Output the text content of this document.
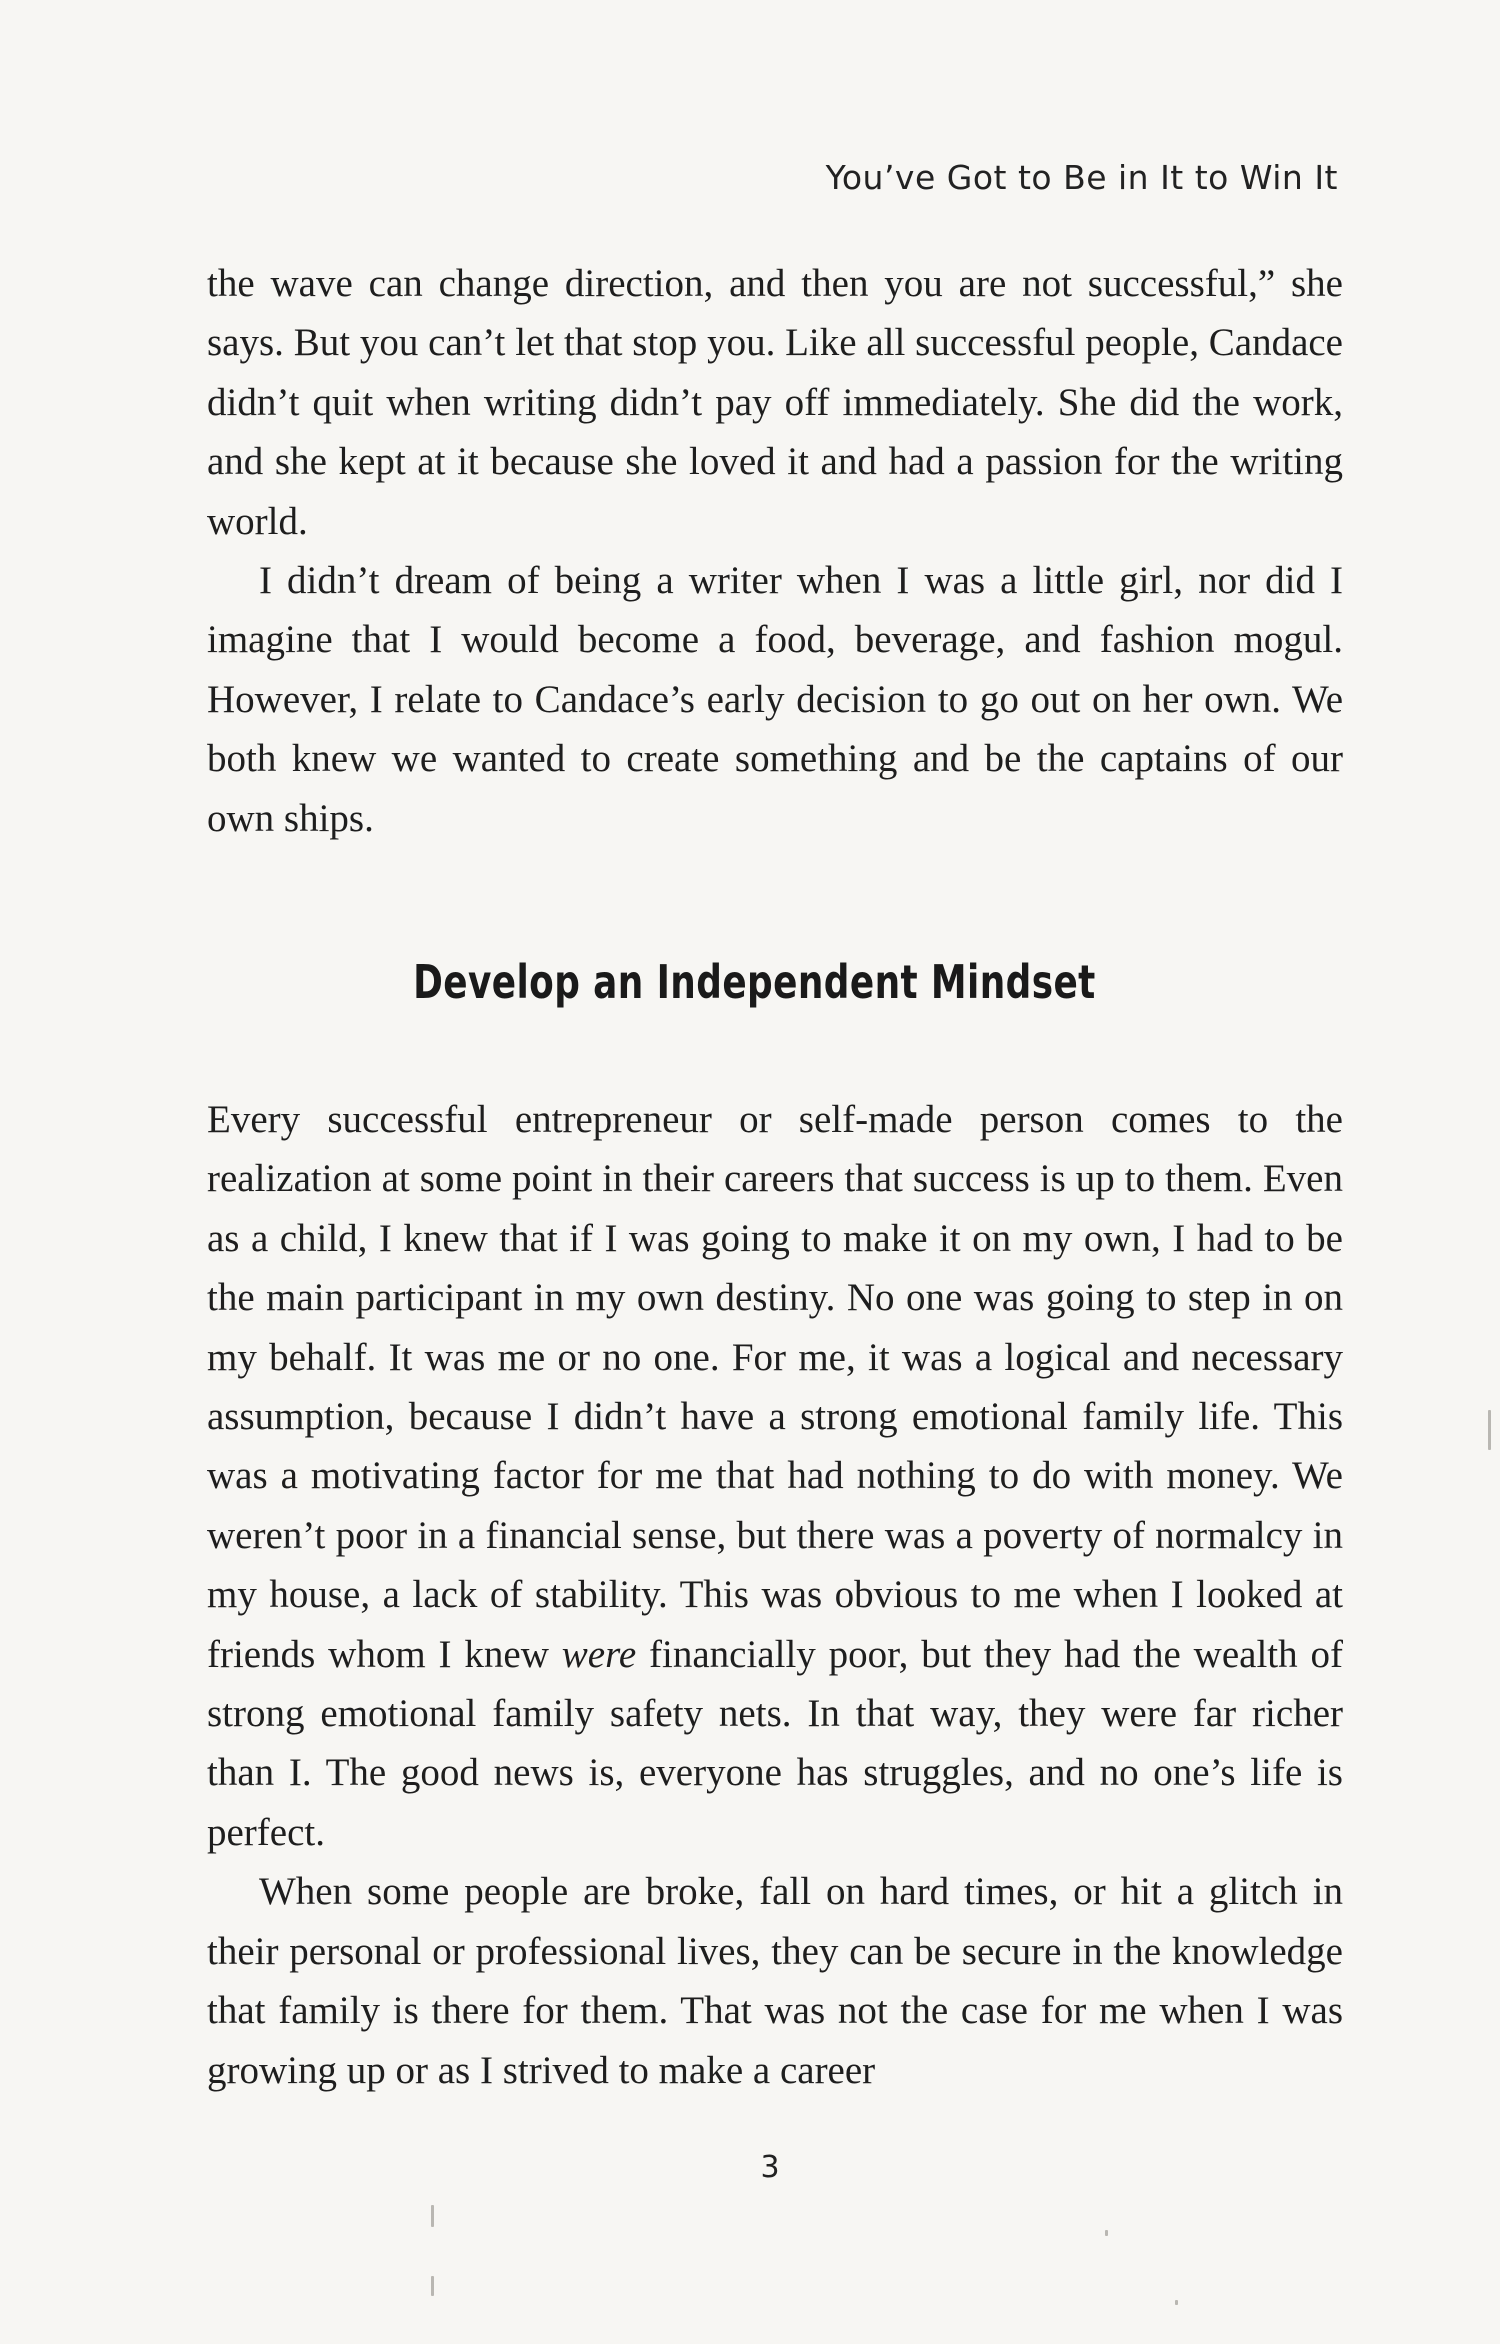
You’ve Got to Be in It to Win It

the wave can change direction, and then you are not successful,” she says. But you can’t let that stop you. Like all successful people, Candace didn’t quit when writing didn’t pay off immediately. She did the work, and she kept at it because she loved it and had a passion for the writing world.

I didn’t dream of being a writer when I was a little girl, nor did I imagine that I would become a food, beverage, and fashion mogul. However, I relate to Candace’s early decision to go out on her own. We both knew we wanted to create something and be the captains of our own ships.

Develop an Independent Mindset

Every successful entrepreneur or self-made person comes to the realization at some point in their careers that success is up to them. Even as a child, I knew that if I was going to make it on my own, I had to be the main participant in my own destiny. No one was going to step in on my behalf. It was me or no one. For me, it was a logical and necessary assumption, because I didn’t have a strong emotional family life. This was a motivating factor for me that had nothing to do with money. We weren’t poor in a financial sense, but there was a poverty of normalcy in my house, a lack of stability. This was obvious to me when I looked at friends whom I knew were financially poor, but they had the wealth of strong emotional family safety nets. In that way, they were far richer than I. The good news is, everyone has struggles, and no one’s life is perfect.

When some people are broke, fall on hard times, or hit a glitch in their personal or professional lives, they can be secure in the knowledge that family is there for them. That was not the case for me when I was growing up or as I strived to make a career

3
